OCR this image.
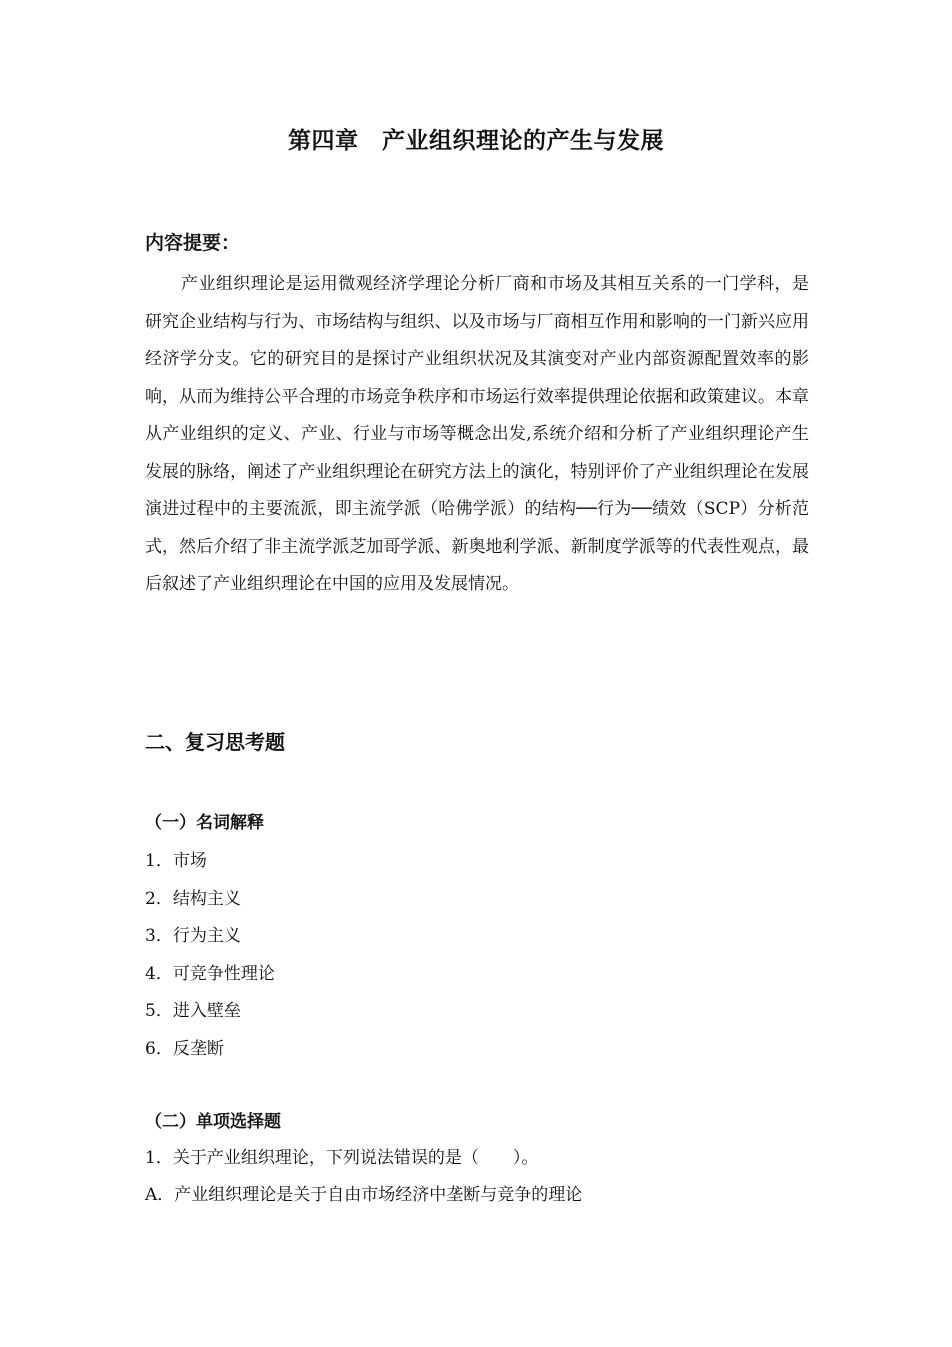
第四章　产业组织理论的产生与发展
内容提要：

产业组织理论是运用微观经济学理论分析厂商和市场及其相互关系的一门学科，是研究企业结构与行为、市场结构与组织、以及市场与厂商相互作用和影响的一门新兴应用经济学分支。它的研究目的是探讨产业组织状况及其演变对产业内部资源配置效率的影响，从而为维持公平合理的市场竞争秩序和市场运行效率提供理论依据和政策建议。本章从产业组织的定义、产业、行业与市场等概念出发,系统介绍和分析了产业组织理论产生发展的脉络，阐述了产业组织理论在研究方法上的演化，特别评价了产业组织理论在发展演进过程中的主要流派，即主流学派（哈佛学派）的结构──行为──绩效（SCP）分析范式，然后介绍了非主流学派芝加哥学派、新奥地利学派、新制度学派等的代表性观点，最后叙述了产业组织理论在中国的应用及发展情况。

二、复习思考题
（一）名词解释
1．市场
2．结构主义
3．行为主义
4．可竞争性理论
5．进入壁垒
6．反垄断
（二）单项选择题

1．关于产业组织理论，下列说法错误的是（　　）。

A．产业组织理论是关于自由市场经济中垄断与竞争的理论
